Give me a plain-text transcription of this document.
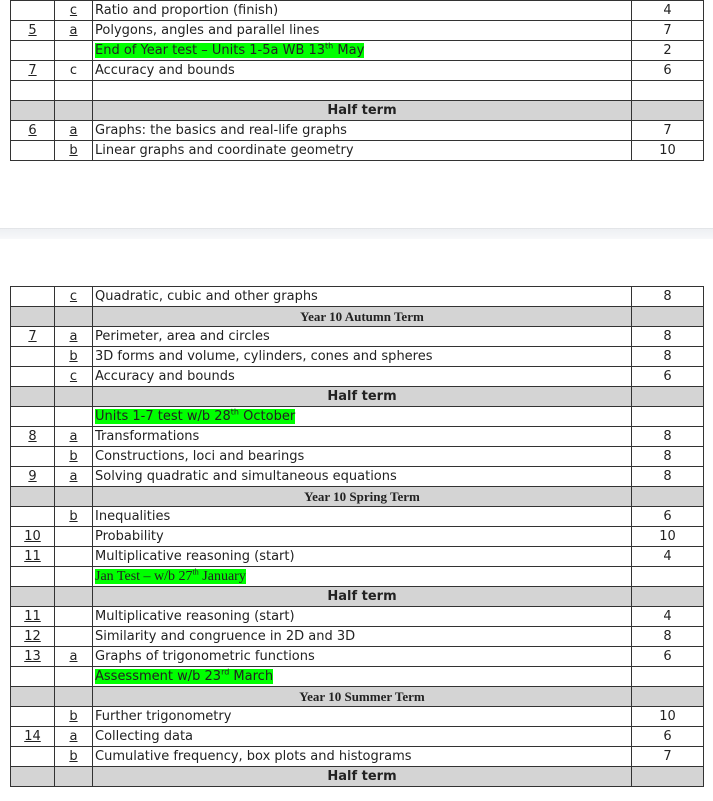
	c	Ratio and proportion (finish)	4
5	a	Polygons, angles and parallel lines	7
		End of Year test – Units 1-5a WB 13th May	2
7	c	Accuracy and bounds	6

		Half term	
6	a	Graphs: the basics and real-life graphs	7
	b	Linear graphs and coordinate geometry	10
	c	Quadratic, cubic and other graphs	8
		Year 10 Autumn Term	
7	a	Perimeter, area and circles	8
	b	3D forms and volume, cylinders, cones and spheres	8
	c	Accuracy and bounds	6
		Half term	
		Units 1-7 test w/b 28th October	
8	a	Transformations	8
	b	Constructions, loci and bearings	8
9	a	Solving quadratic and simultaneous equations	8
		Year 10 Spring Term	
	b	Inequalities	6
10		Probability	10
11		Multiplicative reasoning (start)	4
		Jan Test – w/b 27th January	
		Half term	
11		Multiplicative reasoning (start)	4
12		Similarity and congruence in 2D and 3D	8
13	a	Graphs of trigonometric functions	6
		Assessment w/b 23rd March	
		Year 10 Summer Term	
	b	Further trigonometry	10
14	a	Collecting data	6
	b	Cumulative frequency, box plots and histograms	7
		Half term	
